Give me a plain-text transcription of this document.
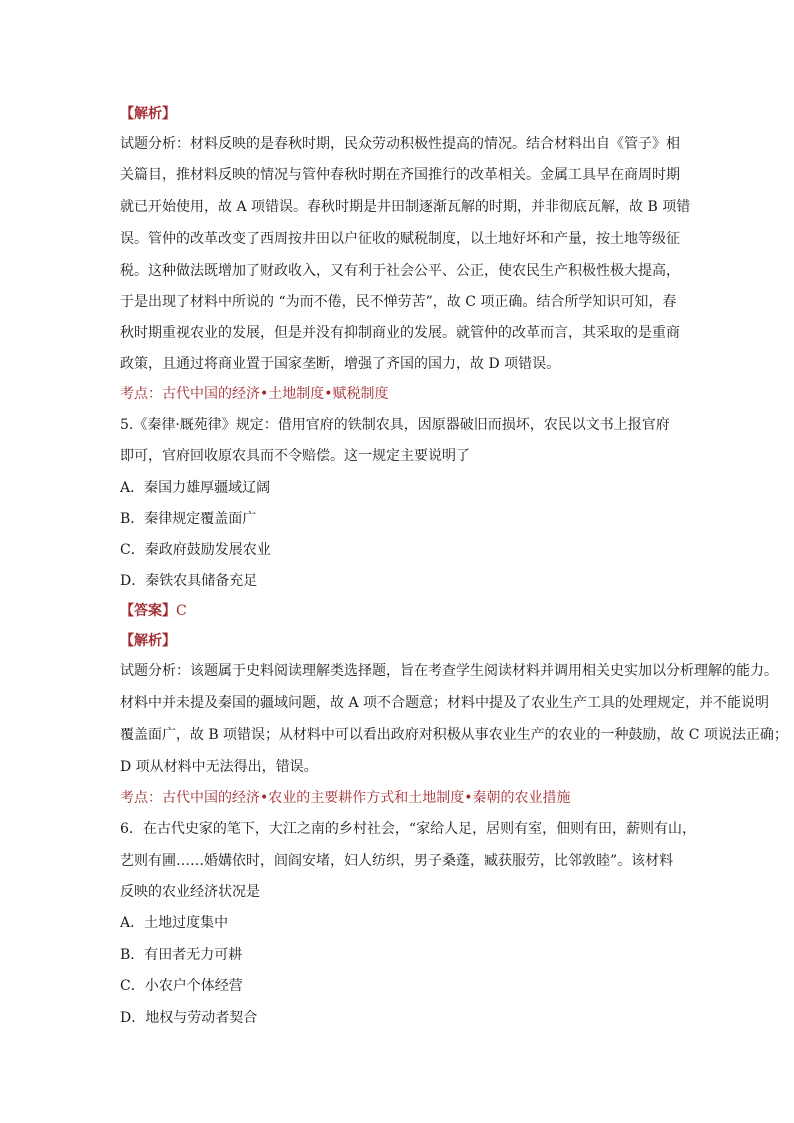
【解析】
试题分析：材料反映的是春秋时期，民众劳动积极性提高的情况。结合材料出自《管子》相
关篇目，推材料反映的情况与管仲春秋时期在齐国推行的改革相关。金属工具早在商周时期
就已开始使用，故 A 项错误。春秋时期是井田制逐渐瓦解的时期，并非彻底瓦解，故 B 项错
误。管仲的改革改变了西周按井田以户征收的赋税制度，以土地好坏和产量，按土地等级征
税。这种做法既增加了财政收入，又有利于社会公平、公正，使农民生产积极性极大提高，
于是出现了材料中所说的 “为而不倦，民不惮劳苦”，故 C 项正确。结合所学知识可知，春
秋时期重视农业的发展，但是并没有抑制商业的发展。就管仲的改革而言，其采取的是重商
政策，且通过将商业置于国家垄断，增强了齐国的国力，故 D 项错误。
考点：古代中国的经济•土地制度•赋税制度
5.《秦律·厩苑律》规定：借用官府的铁制农具，因原器破旧而损坏，农民以文书上报官府
即可，官府回收原农具而不令赔偿。这一规定主要说明了
A．秦国力雄厚疆域辽阔
B．秦律规定覆盖面广
C．秦政府鼓励发展农业
D．秦铁农具储备充足
【答案】C
【解析】
试题分析：该题属于史料阅读理解类选择题，旨在考查学生阅读材料并调用相关史实加以分析理解的能力。
材料中并未提及秦国的疆域问题，故 A 项不合题意；材料中提及了农业生产工具的处理规定，并不能说明
覆盖面广，故 B 项错误；从材料中可以看出政府对积极从事农业生产的农业的一种鼓励，故 C 项说法正确；
D 项从材料中无法得出，错误。
考点：古代中国的经济•农业的主要耕作方式和土地制度•秦朝的农业措施
6．在古代史家的笔下，大江之南的乡村社会，“家给人足，居则有室，佃则有田，薪则有山，
艺则有圃……婚媾依时，闾阎安堵，妇人纺织，男子桑蓬，臧获服劳，比邻敦睦”。该材料
反映的农业经济状况是
A．土地过度集中
B．有田者无力可耕
C．小农户个体经营
D．地权与劳动者契合
